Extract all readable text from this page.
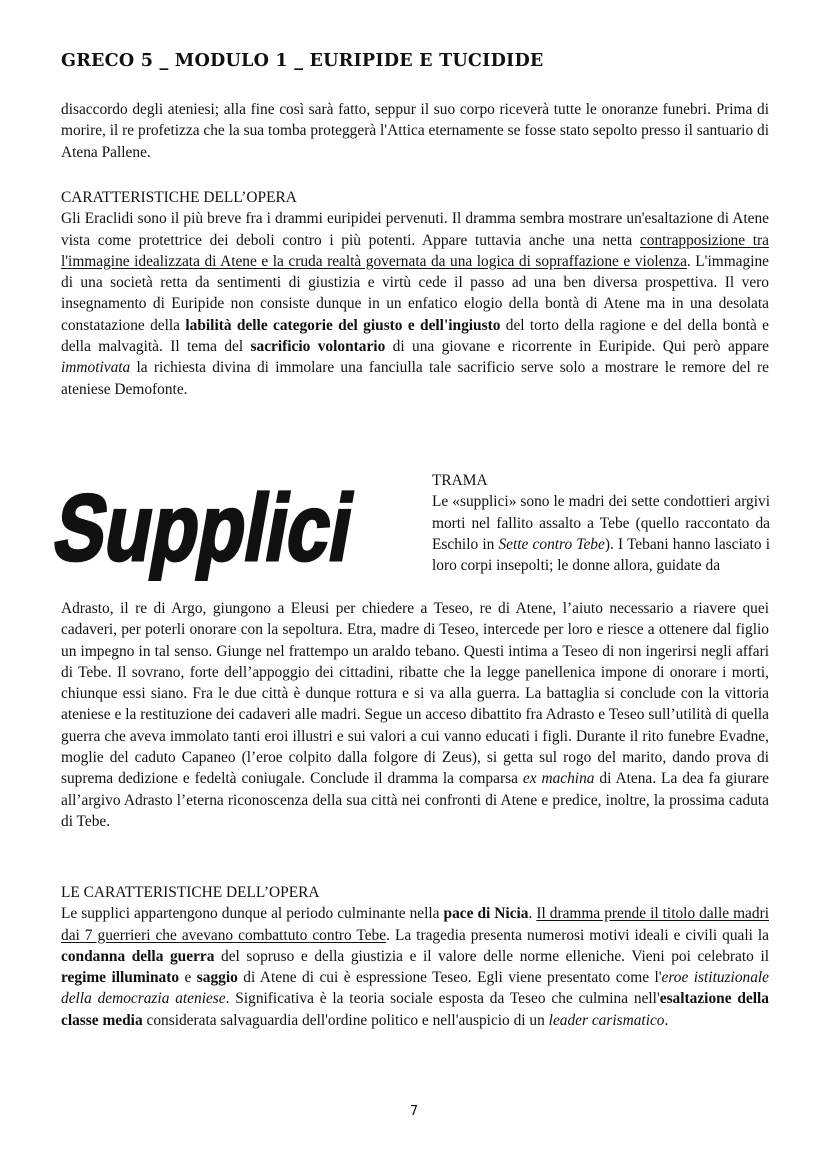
GRECO 5 _ MODULO 1 _ EURIPIDE E TUCIDIDE

disaccordo degli ateniesi; alla fine così sarà fatto, seppur il suo corpo riceverà tutte le onoranze funebri. Prima di morire, il re profetizza che la sua tomba proteggerà l'Attica eternamente se fosse stato sepolto presso il santuario di Atena Pallene.

CARATTERISTICHE DELL’OPERA

Gli Eraclidi sono il più breve fra i drammi euripidei pervenuti. Il dramma sembra mostrare un'esaltazione di Atene vista come protettrice dei deboli contro i più potenti. Appare tuttavia anche una netta contrapposizione tra l'immagine idealizzata di Atene e la cruda realtà governata da una logica di sopraffazione e violenza. L'immagine di una società retta da sentimenti di giustizia e virtù cede il passo ad una ben diversa prospettiva. Il vero insegnamento di Euripide non consiste dunque in un enfatico elogio della bontà di Atene ma in una desolata constatazione della labilità delle categorie del giusto e dell'ingiusto del torto della ragione e del della bontà e della malvagità. Il tema del sacrificio volontario di una giovane e ricorrente in Euripide. Qui però appare immotivata la richiesta divina di immolare una fanciulla tale sacrificio serve solo a mostrare le remore del re ateniese Demofonte.

Supplici TRAMA

Le «supplici» sono le madri dei sette condottieri argivi morti nel fallito assalto a Tebe (quello raccontato da Eschilo in Sette contro Tebe). I Tebani hanno lasciato i loro corpi insepolti; le donne allora, guidate da

Adrasto, il re di Argo, giungono a Eleusi per chiedere a Teseo, re di Atene, l’aiuto necessario a riavere quei cadaveri, per poterli onorare con la sepoltura. Etra, madre di Teseo, intercede per loro e riesce a ottenere dal figlio un impegno in tal senso. Giunge nel frattempo un araldo tebano. Questi intima a Teseo di non ingerirsi negli affari di Tebe. Il sovrano, forte dell’appoggio dei cittadini, ribatte che la legge panellenica impone di onorare i morti, chiunque essi siano. Fra le due città è dunque rottura e si va alla guerra. La battaglia si conclude con la vittoria ateniese e la restituzione dei cadaveri alle madri. Segue un acceso dibattito fra Adrasto e Teseo sull’utilità di quella guerra che aveva immolato tanti eroi illustri e sui valori a cui vanno educati i figli. Durante il rito funebre Evadne, moglie del caduto Capaneo (l’eroe colpito dalla folgore di Zeus), si getta sul rogo del marito, dando prova di suprema dedizione e fedeltà coniugale. Conclude il dramma la comparsa ex machina di Atena. La dea fa giurare all’argivo Adrasto l’eterna riconoscenza della sua città nei confronti di Atene e predice, inoltre, la prossima caduta di Tebe.

LE CARATTERISTICHE DELL’OPERA

Le supplici appartengono dunque al periodo culminante nella pace di Nicia. Il dramma prende il titolo dalle madri dai 7 guerrieri che avevano combattuto contro Tebe. La tragedia presenta numerosi motivi ideali e civili quali la condanna della guerra del sopruso e della giustizia e il valore delle norme elleniche. Vieni poi celebrato il regime illuminato e saggio di Atene di cui è espressione Teseo. Egli viene presentato come l'eroe istituzionale della democrazia ateniese. Significativa è la teoria sociale esposta da Teseo che culmina nell'esaltazione della classe media considerata salvaguardia dell'ordine politico e nell'auspicio di un leader carismatico.

7
